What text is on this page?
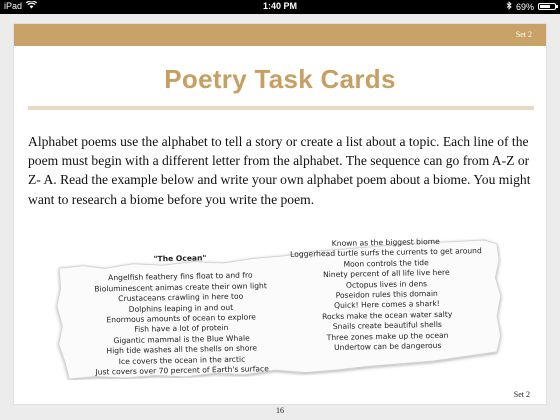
iPad	1:40 PM	69%
Set 2
Poetry Task Cards
Alphabet poems use the alphabet to tell a story or create a list about a topic. Each line of the poem must begin with a different letter from the alphabet. The sequence can go from A-Z or Z- A. Read the example below and write your own alphabet poem about a biome. You might want to research a biome before you write the poem.
"The Ocean"
Angelfish feathery fins float to and fro
Bioluminescent animas create their own light
Crustaceans crawling in here too
Dolphins leaping in and out
Enormous amounts of ocean to explore
Fish have a lot of protein
Gigantic mammal is the Blue Whale
High tide washes all the shells on shore
Ice covers the ocean in the arctic
Just covers over 70 percent of Earth's surface
Known as the biggest biome
Loggerhead turtle surfs the currents to get around
Moon controls the tide
Ninety percent of all life live here
Octopus lives in dens
Poseidon rules this domain
Quick! Here comes a shark!
Rocks make the ocean water salty
Snails create beautiful shells
Three zones make up the ocean
Undertow can be dangerous
Set 2
16
